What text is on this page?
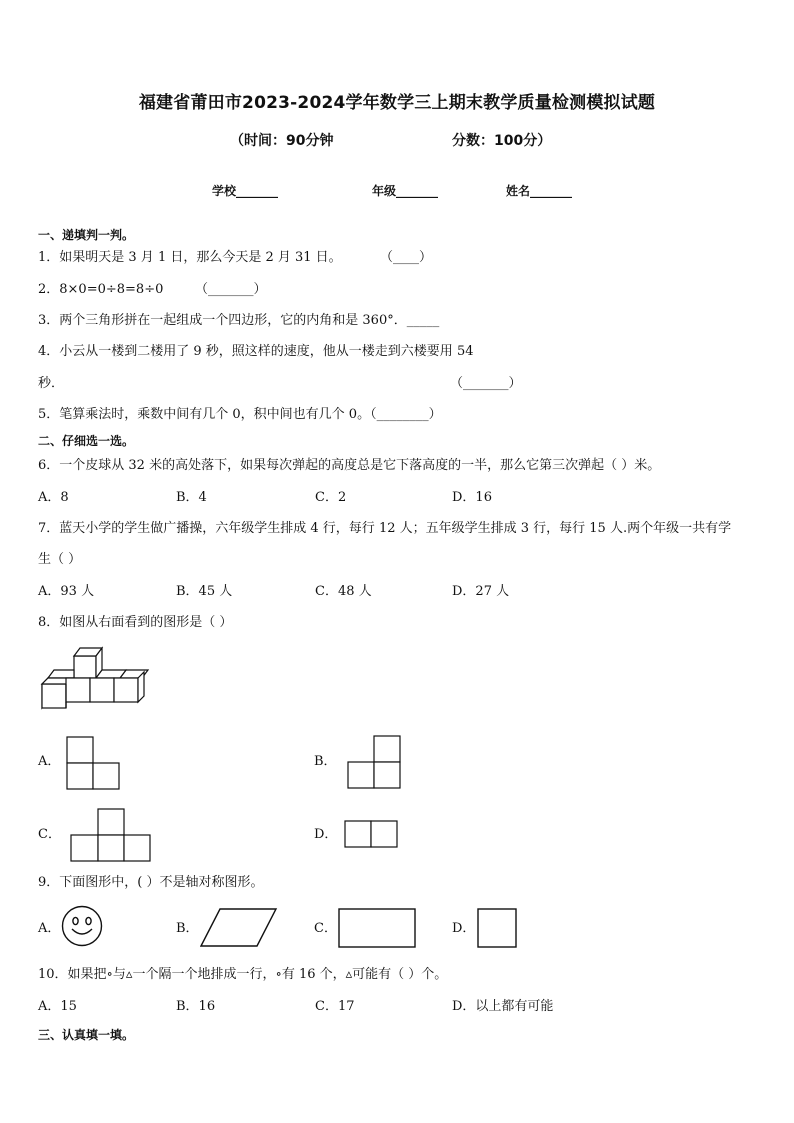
福建省莆田市2023-2024学年数学三上期末教学质量检测模拟试题
（时间：90分钟	分数：100分）
学校_______	年级_______	姓名_______
一、递填判一判。
1．如果明天是 3 月 1 日，那么今天是 2 月 31 日。	（____）
2．8×0=0÷8=8÷0 （_______）
3．两个三角形拼在一起组成一个四边形，它的内角和是 360°．_____
4．小云从一楼到二楼用了 9 秒，照这样的速度，他从一楼走到六楼要用 54
秒．	（_______）
5．笔算乘法时，乘数中间有几个 0，积中间也有几个 0。（________）
二、仔细选一选。
6．一个皮球从 32 米的高处落下，如果每次弹起的高度总是它下落高度的一半，那么它第三次弹起（ ）米。
A．8	B．4	C．2	D．16
7．蓝天小学的学生做广播操，六年级学生排成 4 行，每行 12 人；五年级学生排成 3 行，每行 15 人.两个年级一共有学
生（ ）
A．93 人	B．45 人	C．48 人	D．27 人
8．如图从右面看到的图形是（ ）
A．	B．
C．	D．
9．下面图形中，( ）不是轴对称图形。
A．	B．	C．	D．
10．如果把∘与▵一个隔一个地排成一行，∘有 16 个，▵可能有（ ）个。
A．15	B．16	C．17	D．以上都有可能
三、认真填一填。
